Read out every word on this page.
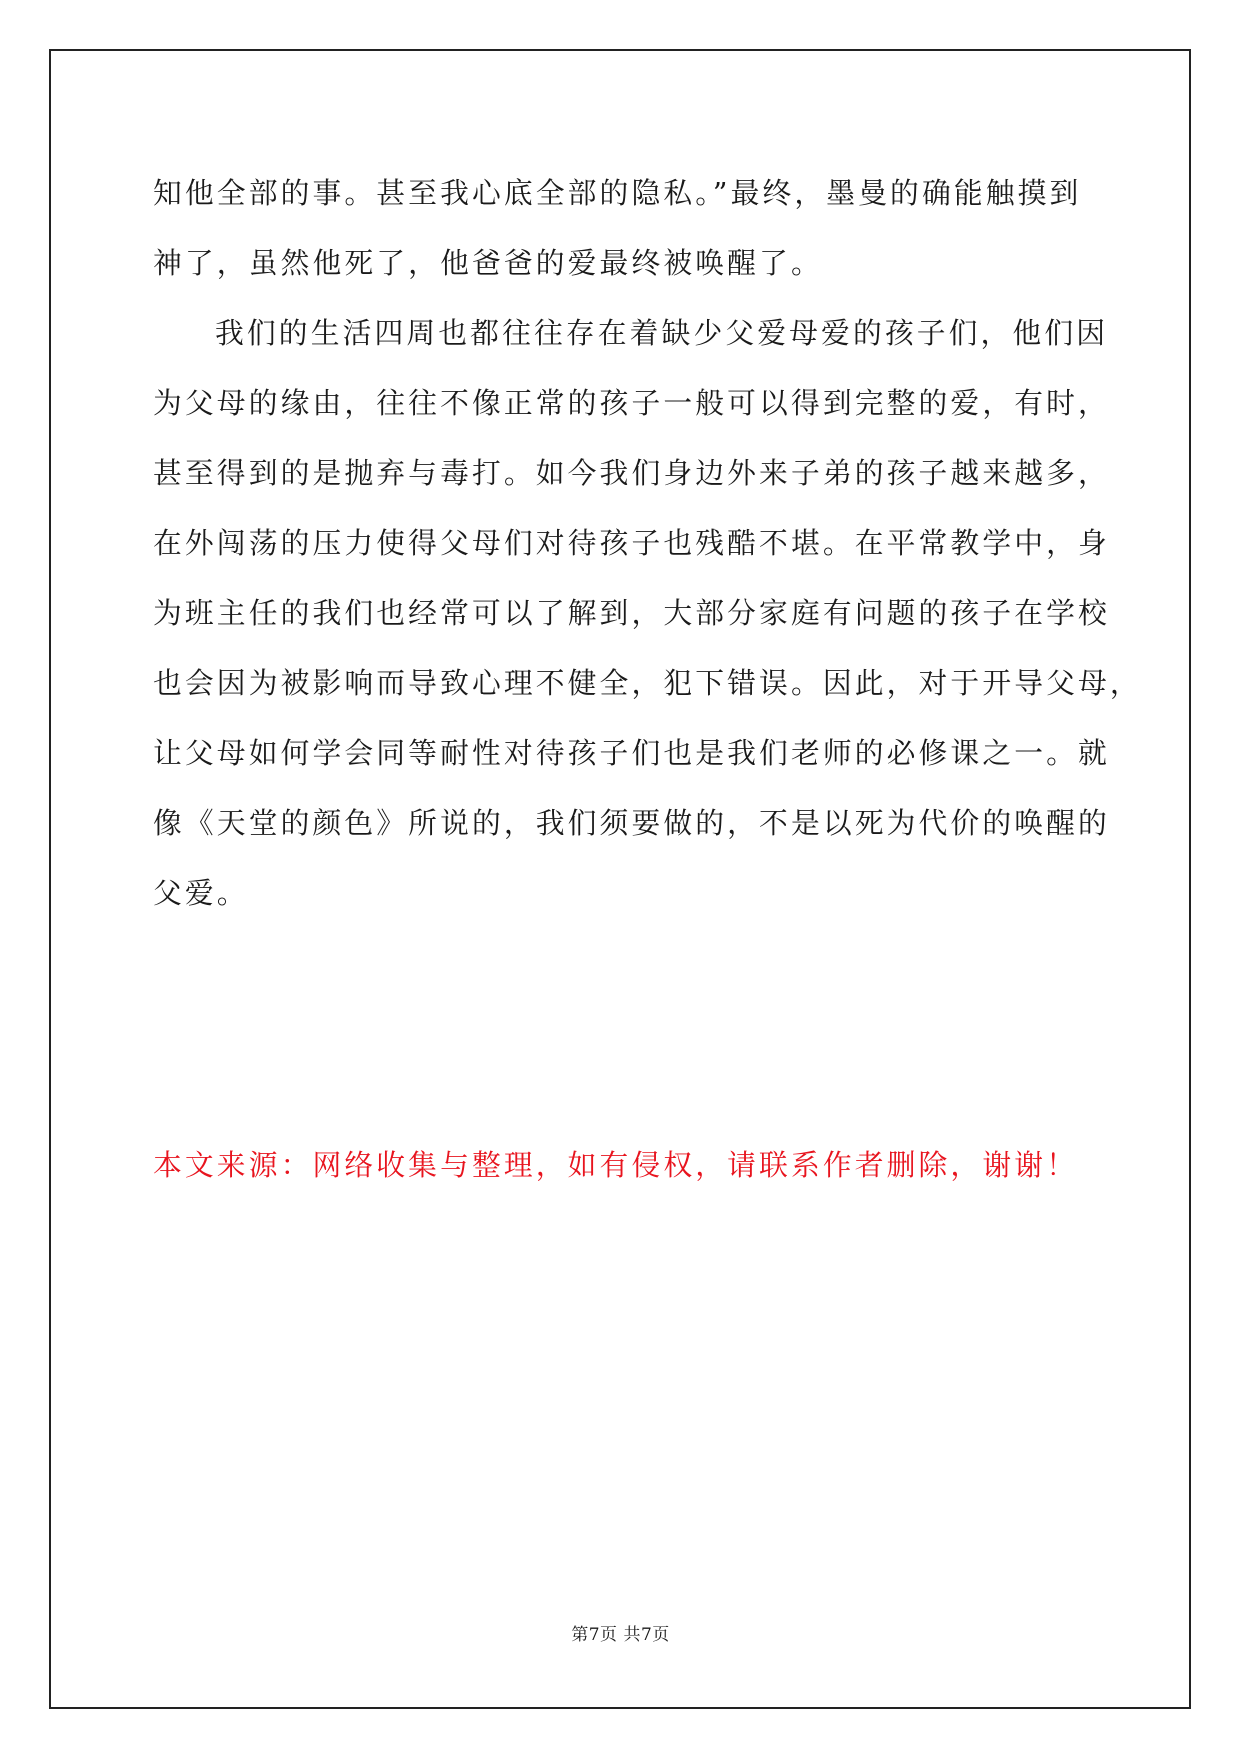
知他全部的事。甚至我心底全部的隐私。”最终，墨曼的确能触摸到
神了，虽然他死了，他爸爸的爱最终被唤醒了。
我们的生活四周也都往往存在着缺少父爱母爱的孩子们，他们因
为父母的缘由，往往不像正常的孩子一般可以得到完整的爱，有时，
甚至得到的是抛弃与毒打。如今我们身边外来子弟的孩子越来越多，
在外闯荡的压力使得父母们对待孩子也残酷不堪。在平常教学中，身
为班主任的我们也经常可以了解到，大部分家庭有问题的孩子在学校
也会因为被影响而导致心理不健全，犯下错误。因此，对于开导父母，
让父母如何学会同等耐性对待孩子们也是我们老师的必修课之一。就
像《天堂的颜色》所说的，我们须要做的，不是以死为代价的唤醒的
父爱。
本文来源：网络收集与整理，如有侵权，请联系作者删除，谢谢！
第7页 共7页
